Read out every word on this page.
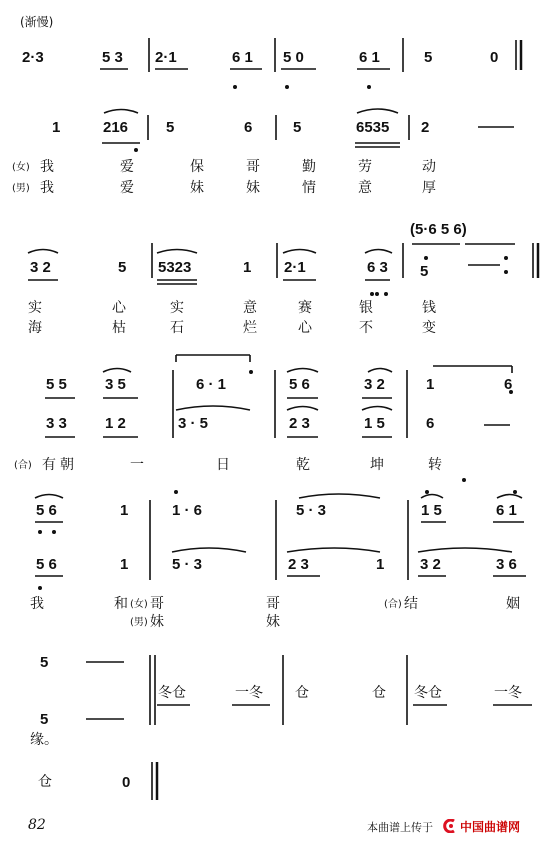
(渐慢)
2·3	5 3 2·1	6 1 5 0	6 1	5	0
1	216	5	6	5	6535 2
(女) 我	爱	保	哥	勤	劳	动
(男) 我	爱	妹	妹	情	意	厚
(5·6 5 6)
3 2	5 5323	1 2·1	6 3 5
实	心	实	意	赛	银	钱
海	枯	石	烂	心	不	变
5 5	3 5	6 · 1	5 6	3 2	1	6
3 3	1 2	3 · 5	2 3	1 5	6
(合) 有 朝	一	日	乾	坤	转
5 6	1	1 · 6	5 · 3	1 5	6 1
5 6	1	5 · 3	2 3	1 3 2	3 6
我	和 (女) 哥	哥	(合) 结	姻
(男) 妹	妹
5
5
缘。
冬仓	一冬 仓	仓 冬仓	一冬
仓	0
82	本曲谱上传于 中国曲谱网
